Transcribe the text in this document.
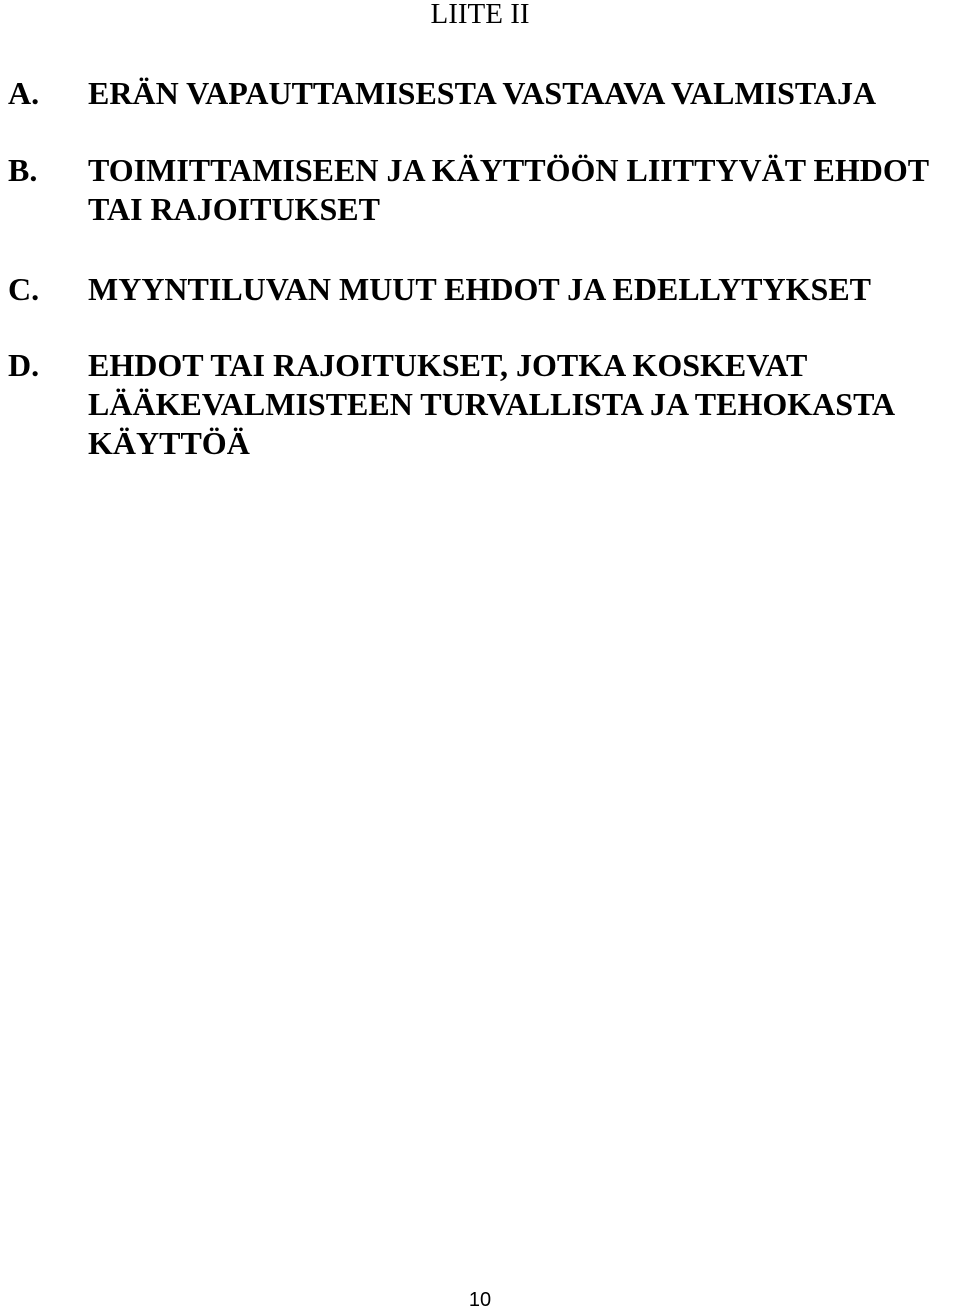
LIITE II
A. ERÄN VAPAUTTAMISESTA VASTAAVA VALMISTAJA
B. TOIMITTAMISEEN JA KÄYTTÖÖN LIITTYVÄT EHDOT TAI RAJOITUKSET
C. MYYNTILUVAN MUUT EHDOT JA EDELLYTYKSET
D. EHDOT TAI RAJOITUKSET, JOTKA KOSKEVAT LÄÄKEVALMISTEEN TURVALLISTA JA TEHOKASTA KÄYTTÖÄ
10
